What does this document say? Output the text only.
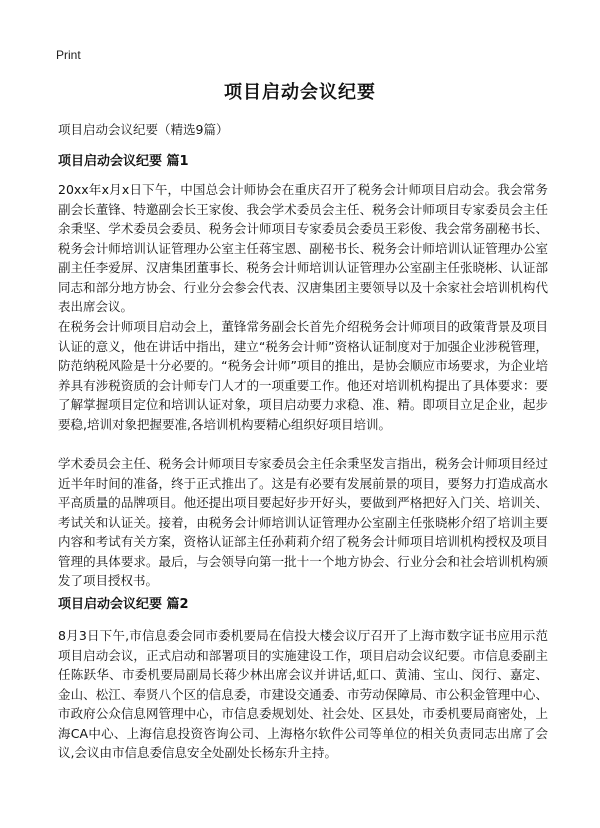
Print
项目启动会议纪要
项目启动会议纪要（精选9篇）
项目启动会议纪要 篇1
20xx年x月x日下午，中国总会计师协会在重庆召开了税务会计师项目启动会。我会常务副会长董锋、特邀副会长王家俊、我会学术委员会主任、税务会计师项目专家委员会主任余秉坚、学术委员会委员、税务会计师项目专家委员会委员王彩俊、我会常务副秘书长、税务会计师培训认证管理办公室主任蒋宝恩、副秘书长、税务会计师培训认证管理办公室副主任李爱屏、汉唐集团董事长、税务会计师培训认证管理办公室副主任张晓彬、认证部同志和部分地方协会、行业分会参会代表、汉唐集团主要领导以及十余家社会培训机构代表出席会议。
在税务会计师项目启动会上，董锋常务副会长首先介绍税务会计师项目的政策背景及项目认证的意义，他在讲话中指出，建立“税务会计师”资格认证制度对于加强企业涉税管理，防范纳税风险是十分必要的。“税务会计师”项目的推出，是协会顺应市场要求，为企业培养具有涉税资质的会计师专门人才的一项重要工作。他还对培训机构提出了具体要求：要了解掌握项目定位和培训认证对象，项目启动要力求稳、准、精。即项目立足企业，起步要稳,培训对象把握要准,各培训机构要精心组织好项目培训。
学术委员会主任、税务会计师项目专家委员会主任余秉坚发言指出，税务会计师项目经过近半年时间的准备，终于正式推出了。这是有必要有发展前景的项目，要努力打造成高水平高质量的品牌项目。他还提出项目要起好步开好头，要做到严格把好入门关、培训关、考试关和认证关。接着，由税务会计师培训认证管理办公室副主任张晓彬介绍了培训主要内容和考试有关方案，资格认证部主任孙莉莉介绍了税务会计师项目培训机构授权及项目管理的具体要求。最后，与会领导向第一批十一个地方协会、行业分会和社会培训机构颁发了项目授权书。
项目启动会议纪要 篇2
8月3日下午,市信息委会同市委机要局在信投大楼会议厅召开了上海市数字证书应用示范项目启动会议，正式启动和部署项目的实施建设工作，项目启动会议纪要。市信息委副主任陈跃华、市委机要局副局长蒋少林出席会议并讲话,虹口、黄浦、宝山、闵行、嘉定、金山、松江、奉贤八个区的信息委，市建设交通委、市劳动保障局、市公积金管理中心、市政府公众信息网管理中心，市信息委规划处、社会处、区县处，市委机要局商密处，上海CA中心、上海信息投资咨询公司、上海格尔软件公司等单位的相关负责同志出席了会议,会议由市信息委信息安全处副处长杨东升主持。
